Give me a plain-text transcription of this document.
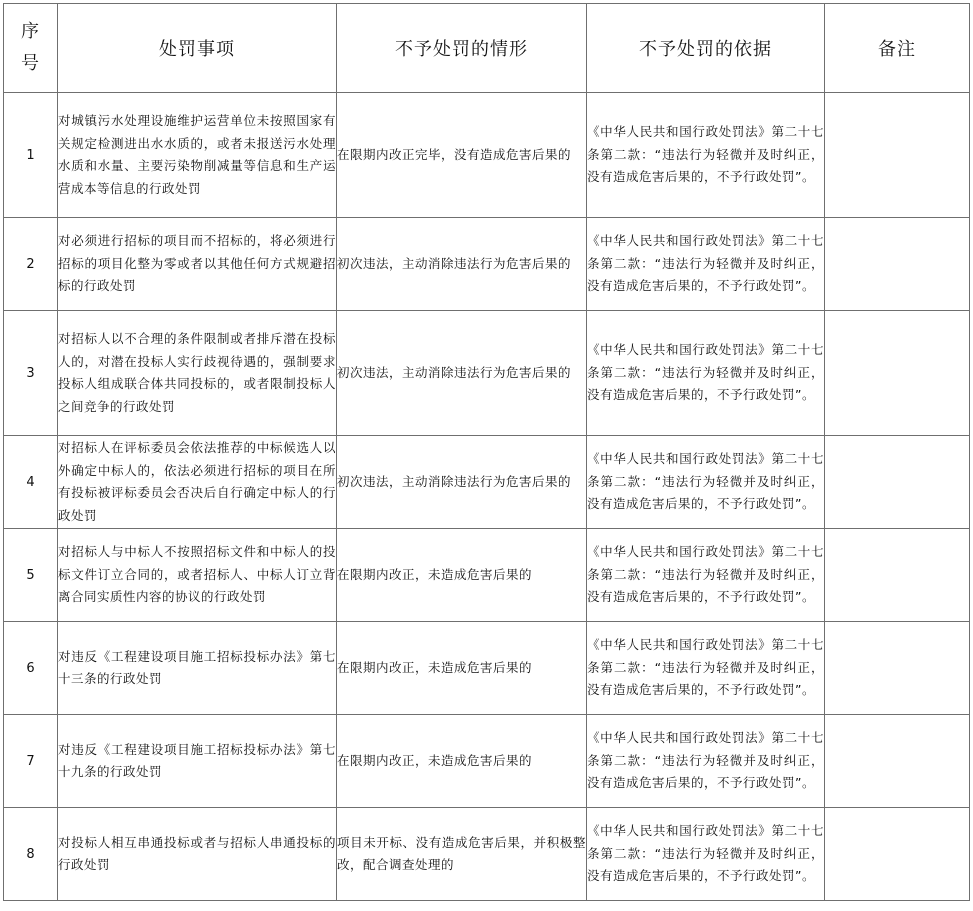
序
号	处罚事项	不予处罚的情形	不予处罚的依据	备注
1	对城镇污水处理设施维护运营单位未按照国家有关规定检测进出水水质的，或者未报送污水处理水质和水量、主要污染物削减量等信息和生产运营成本等信息的行政处罚	在限期内改正完毕，没有造成危害后果的	《中华人民共和国行政处罚法》第二十七条第二款：“违法行为轻微并及时纠正，没有造成危害后果的，不予行政处罚”。	
2	对必须进行招标的项目而不招标的，将必须进行招标的项目化整为零或者以其他任何方式规避招标的行政处罚	初次违法，主动消除违法行为危害后果的	《中华人民共和国行政处罚法》第二十七条第二款：“违法行为轻微并及时纠正，没有造成危害后果的，不予行政处罚”。	
3	对招标人以不合理的条件限制或者排斥潜在投标人的，对潜在投标人实行歧视待遇的，强制要求投标人组成联合体共同投标的，或者限制投标人之间竞争的行政处罚	初次违法，主动消除违法行为危害后果的	《中华人民共和国行政处罚法》第二十七条第二款：“违法行为轻微并及时纠正，没有造成危害后果的，不予行政处罚”。	
4	对招标人在评标委员会依法推荐的中标候选人以外确定中标人的，依法必须进行招标的项目在所有投标被评标委员会否决后自行确定中标人的行政处罚	初次违法，主动消除违法行为危害后果的	《中华人民共和国行政处罚法》第二十七条第二款：“违法行为轻微并及时纠正，没有造成危害后果的，不予行政处罚”。	
5	对招标人与中标人不按照招标文件和中标人的投标文件订立合同的，或者招标人、中标人订立背离合同实质性内容的协议的行政处罚	在限期内改正，未造成危害后果的	《中华人民共和国行政处罚法》第二十七条第二款：“违法行为轻微并及时纠正，没有造成危害后果的，不予行政处罚”。	
6	对违反《工程建设项目施工招标投标办法》第七十三条的行政处罚	在限期内改正，未造成危害后果的	《中华人民共和国行政处罚法》第二十七条第二款：“违法行为轻微并及时纠正，没有造成危害后果的，不予行政处罚”。	
7	对违反《工程建设项目施工招标投标办法》第七十九条的行政处罚	在限期内改正，未造成危害后果的	《中华人民共和国行政处罚法》第二十七条第二款：“违法行为轻微并及时纠正，没有造成危害后果的，不予行政处罚”。	
8	对投标人相互串通投标或者与招标人串通投标的行政处罚	项目未开标、没有造成危害后果，并积极整改，配合调查处理的	《中华人民共和国行政处罚法》第二十七条第二款：“违法行为轻微并及时纠正，没有造成危害后果的，不予行政处罚”。	
